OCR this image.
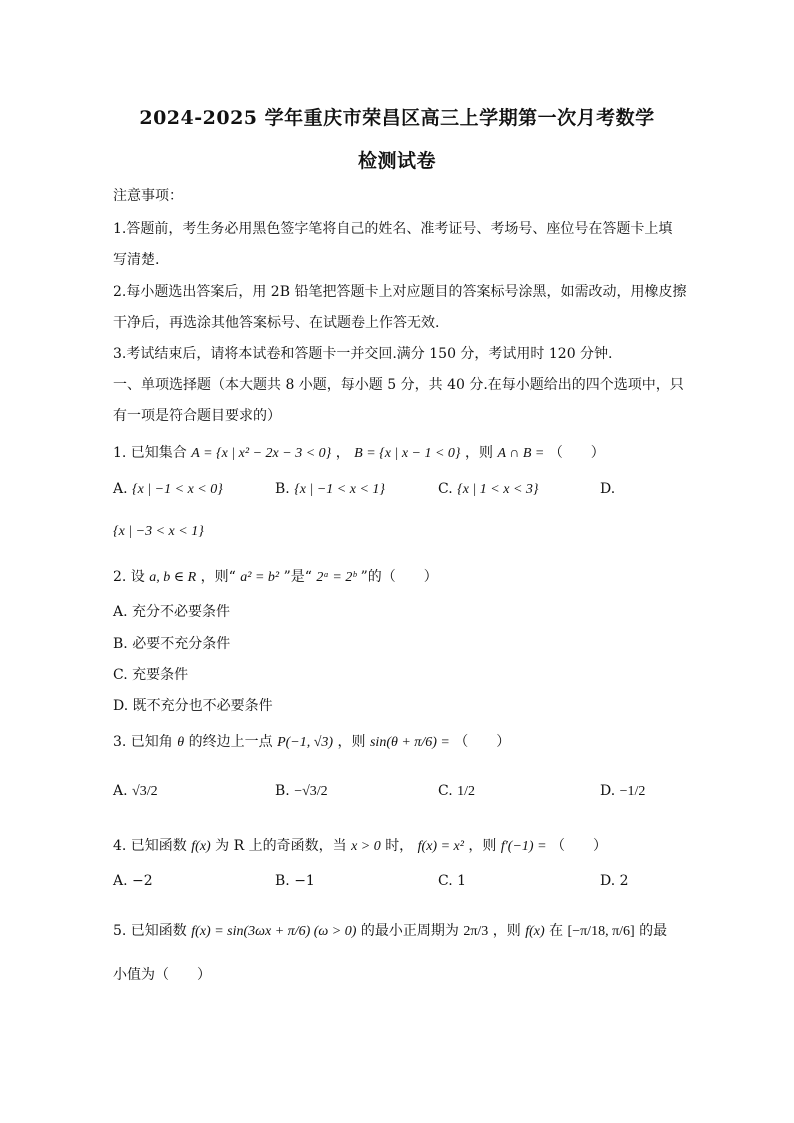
2024-2025 学年重庆市荣昌区高三上学期第一次月考数学
检测试卷
注意事项：
1.答题前，考生务必用黑色签字笔将自己的姓名、准考证号、考场号、座位号在答题卡上填
写清楚.
2.每小题选出答案后，用 2B 铅笔把答题卡上对应题目的答案标号涂黑，如需改动，用橡皮擦
干净后，再选涂其他答案标号、在试题卷上作答无效.
3.考试结束后，请将本试卷和答题卡一并交回.满分 150 分，考试用时 120 分钟.
一、单项选择题（本大题共 8 小题，每小题 5 分，共 40 分.在每小题给出的四个选项中，只
有一项是符合题目要求的）
1. 已知集合 A = {x | x² − 2x − 3 < 0} ， B = {x | x − 1 < 0} ，则 A ∩ B = （　　）
A. {x | −1 < x < 0}	B. {x | −1 < x < 1}	C. {x | 1 < x < 3}	D.
{x | −3 < x < 1}
2. 设 a, b ∈ R ，则“ a² = b² ”是“ 2ᵃ = 2ᵇ ”的（　　）
A. 充分不必要条件
B. 必要不充分条件
C. 充要条件
D. 既不充分也不必要条件
3. 已知角 θ 的终边上一点 P(−1, √3) ，则 sin(θ + π/6) = （　　）
A. √3/2	B. −√3/2	C. 1/2	D. −1/2
4. 已知函数 f(x) 为 R 上的奇函数，当 x > 0 时， f(x) = x² ，则 f′(−1) = （　　）
A. −2	B. −1	C. 1	D. 2
5. 已知函数 f(x) = sin(3ωx + π/6) (ω > 0) 的最小正周期为 2π/3 ，则 f(x) 在 [−π/18, π/6] 的最
小值为（　　）
